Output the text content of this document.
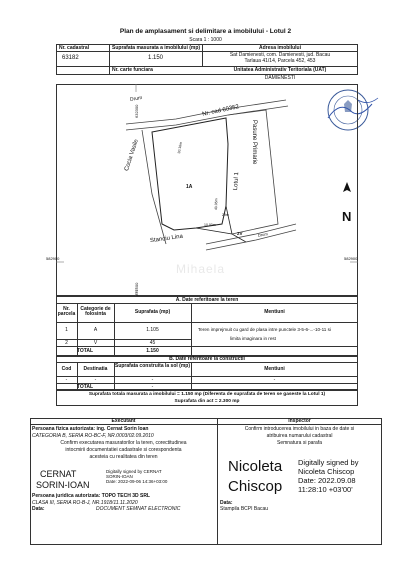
Plan de amplasament si delimitare a imobilului - Lotul 2
Scara 1 : 1000
Nr. cadastral	Suprafata masurata a imobilului (mp)	Adresa imobilului
63182	1.150	Sat Damienesti, com. Damienesti, jud. Bacau
Tarlaua 41/14, Parcela 452, 453
Nr. carte funciara	Unitatea Administrativ Teritoriala (UAT)
DAMIENESTI
Drum
Nr. cad 60352
Cocia Vasile	Pasune Primarie
Lotul 1
1A
2V
Stanciu Lina	Drum
40.05m
30.10m
29m
10.00m
632300
631500
582900	582900
N
Mihaela
A. Date referitoare la teren
Nr. parcela
Categorie de folosinta	Suprafata (mp)	Mentiuni
1	A	1.105
2	V	45
Teren imprejmuit cu gard de plasa intre punctele 3-5-6-...-10-11 si
limita imaginara in rest
TOTAL	1.150
B. Date referitoare la constructii
Cod	Destinatia	Suprafata construita la sol (mp)	Mentiuni
-	-	-	-
TOTAL	-
Suprafata totala masurata a imobilului = 1.150 mp (Diferenta de suprafata de teren se gaseste la Lotul 1)
Suprafata din act = 2.300 mp
Executant
Persoana fizica autorizata: ing. Cernat Sorin Ioan
CATEGORIA B, SERIA RO-BC-F, NR.0003/02.09.2010
Confirm executarea masuratorilor la teren, corectitudinea
intocmirii documentatiei cadastrale si corespondenta
acesteia cu realitatea din teren
CERNAT
SORIN-IOAN
Digitally signed by CERNAT
SORIN-IOAN
Date: 2022-09-06 14:36+03:00
Persoana juridica autorizata: TOPO TECH 3D SRL
CLASA III, SERIA RO-B-J, NR.1918/11.11.2020
Data:	DOCUMENT SEMNAT ELECTRONIC
Inspector
Confirm introducerea imobilului in baza de date si
atribuirea numarului cadastral
Semnatura si parafa
Nicoleta
Chiscop
Digitally signed by
Nicoleta Chiscop
Date: 2022.09.08
11:28:10 +03'00'
Data:
Stampila BCPI Bacau
